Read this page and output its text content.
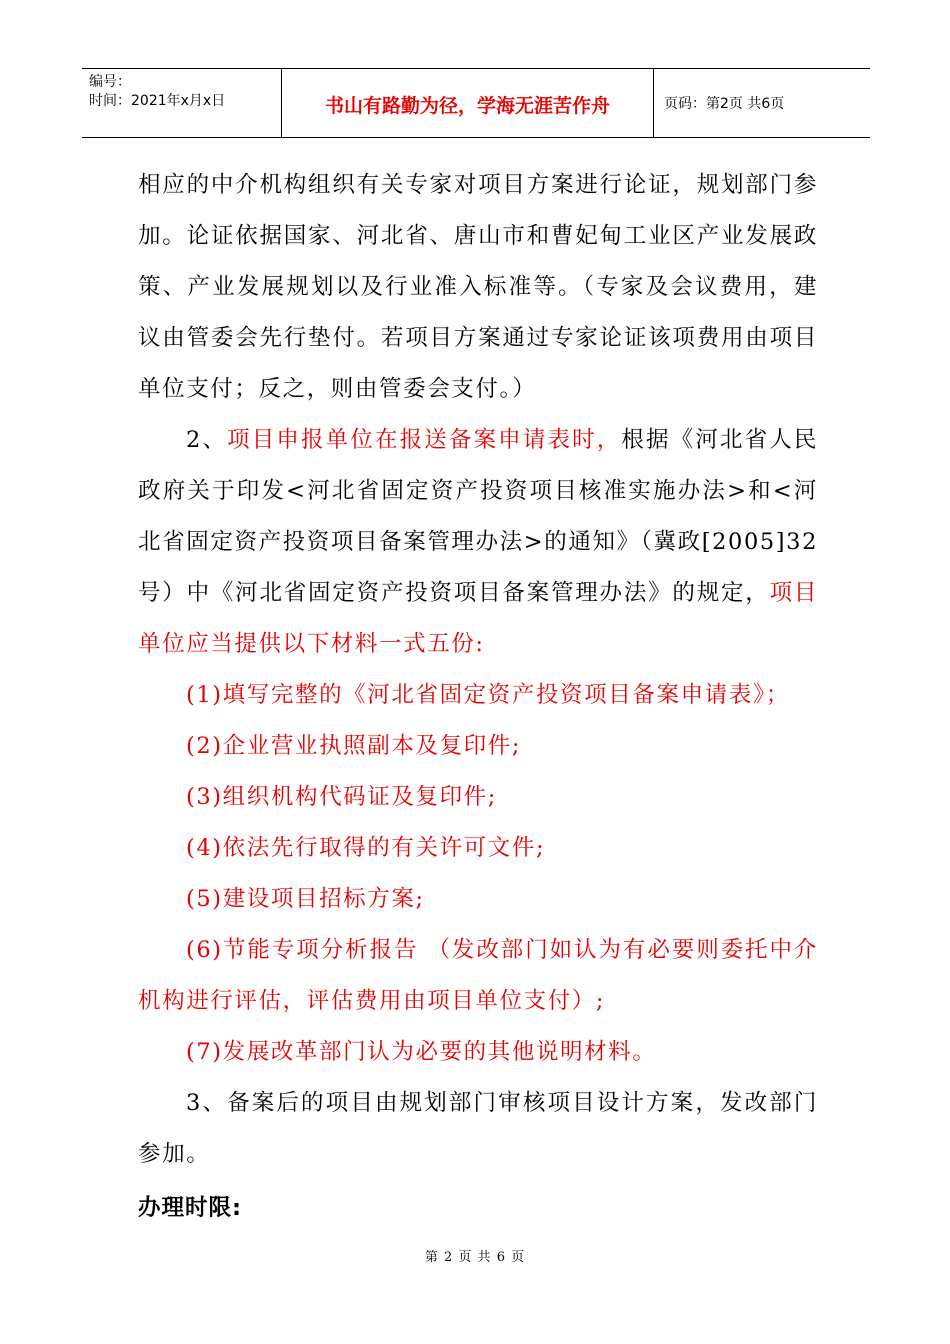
编号：
时间：2021年x月x日	书山有路勤为径，学海无涯苦作舟	页码：第2页 共6页

相应的中介机构组织有关专家对项目方案进行论证，规划部门参加。论证依据国家、河北省、唐山市和曹妃甸工业区产业发展政策、产业发展规划以及行业准入标准等。（专家及会议费用，建议由管委会先行垫付。若项目方案通过专家论证该项费用由项目单位支付；反之，则由管委会支付。）

2、项目申报单位在报送备案申请表时，根据《河北省人民政府关于印发<河北省固定资产投资项目核准实施办法>和<河北省固定资产投资项目备案管理办法>的通知》（冀政[2005]32号）中《河北省固定资产投资项目备案管理办法》的规定，项目单位应当提供以下材料一式五份:

(1)填写完整的《河北省固定资产投资项目备案申请表》；

(2)企业营业执照副本及复印件;

(3)组织机构代码证及复印件;

(4)依法先行取得的有关许可文件;

(5)建设项目招标方案;

(6)节能专项分析报告 （发改部门如认为有必要则委托中介机构进行评估，评估费用由项目单位支付）;

(7)发展改革部门认为必要的其他说明材料。

3、备案后的项目由规划部门审核项目设计方案，发改部门参加。

办理时限:

第 2 页 共 6 页
